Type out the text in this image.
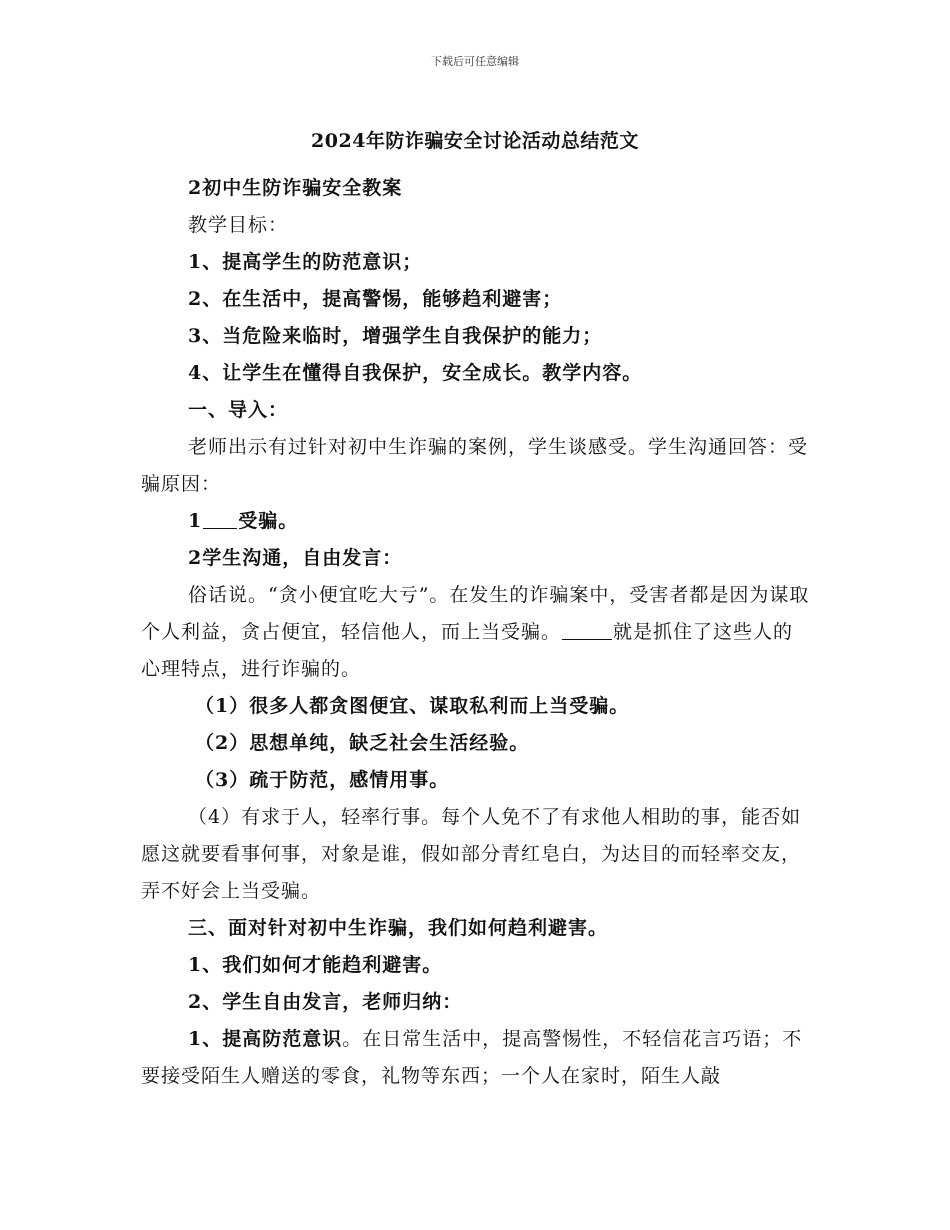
下载后可任意编辑
2024年防诈骗安全讨论活动总结范文

2初中生防诈骗安全教案

教学目标：

1、提高学生的防范意识；

2、在生活中，提高警惕，能够趋利避害；

3、当危险来临时，增强学生自我保护的能力；

4、让学生在懂得自我保护，安全成长。教学内容。

一、导入：

老师出示有过针对初中生诈骗的案例，学生谈感受。学生沟通回答：受骗原因：

1 受骗。

2学生沟通，自由发言：

俗话说。“贪小便宜吃大亏”。在发生的诈骗案中，受害者都是因为谋取个人利益，贪占便宜，轻信他人，而上当受骗。	就是抓住了这些人的心理特点，进行诈骗的。

（1）很多人都贪图便宜、谋取私利而上当受骗。

（2）思想单纯，缺乏社会生活经验。

（3）疏于防范，感情用事。

（4）有求于人，轻率行事。每个人免不了有求他人相助的事，能否如愿这就要看事何事，对象是谁，假如部分青红皂白，为达目的而轻率交友，弄不好会上当受骗。

三、面对针对初中生诈骗，我们如何趋利避害。

1、我们如何才能趋利避害。

2、学生自由发言，老师归纳：

1、提高防范意识。在日常生活中，提高警惕性，不轻信花言巧语；不要接受陌生人赠送的零食，礼物等东西；一个人在家时，陌生人敲
